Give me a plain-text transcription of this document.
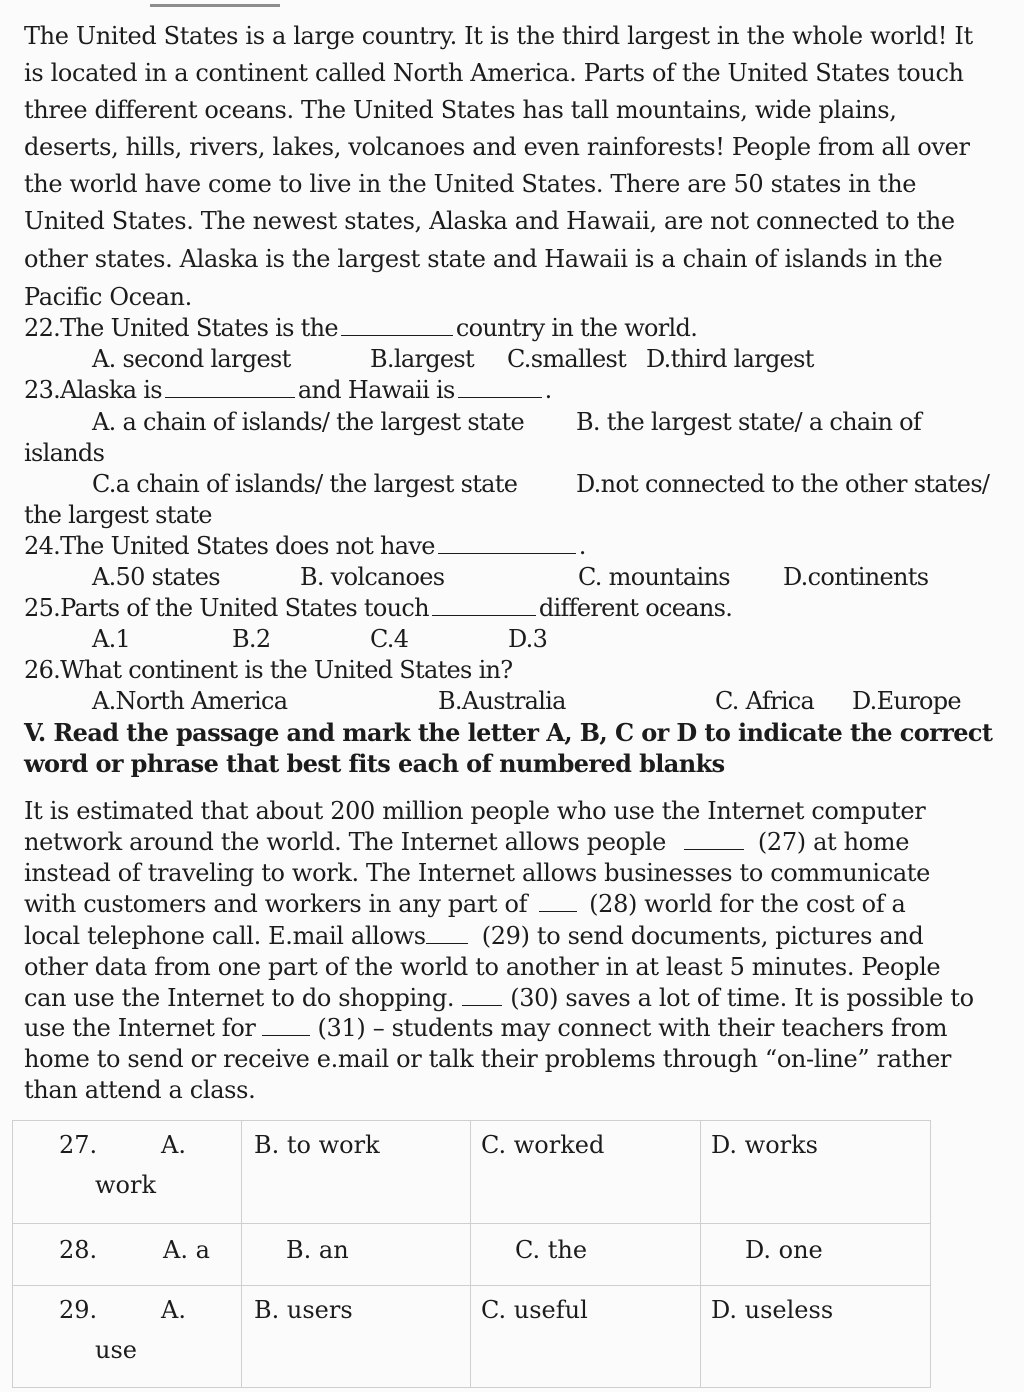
The United States is a large country. It is the third largest in the whole world! It
is located in a continent called North America. Parts of the United States touch
three different oceans. The United States has tall mountains, wide plains,
deserts, hills, rivers, lakes, volcanoes and even rainforests! People from all over
the world have come to live in the United States. There are 50 states in the
United States. The newest states, Alaska and Hawaii, are not connected to the
other states. Alaska is the largest state and Hawaii is a chain of islands in the
Pacific Ocean.
22.The United States is the	country in the world.
A. second largest	B.largest C.smallest D.third largest
23.Alaska is	and Hawaii is	.
A. a chain of islands/ the largest state B. the largest state/ a chain of
islands
C.a chain of islands/ the largest state D.not connected to the other states/
the largest state
24.The United States does not have	.
A.50 states	B. volcanoes	C. mountains D.continents
25.Parts of the United States touch	different oceans.
A.1	B.2	C.4	D.3
26.What continent is the United States in?
A.North America	B.Australia	C. Africa D.Europe
V. Read the passage and mark the letter A, B, C or D to indicate the correct
word or phrase that best fits each of numbered blanks
It is estimated that about 200 million people who use the Internet computer
network around the world. The Internet allows people	(27) at home
instead of traveling to work. The Internet allows businesses to communicate
with customers and workers in any part of	(28) world for the cost of a
local telephone call. E.mail allows (29) to send documents, pictures and
other data from one part of the world to another in at least 5 minutes. People
can use the Internet to do shopping. (30) saves a lot of time. It is possible to
use the Internet for	(31) – students may connect with their teachers from
home to send or receive e.mail or talk their problems through “on-line” rather
than attend a class.
27. A.
work	B. to work	C. worked	D. works

28. A. a	B. an	C. the	D. one

29. A.
use	B. users	C. useful	D. useless
